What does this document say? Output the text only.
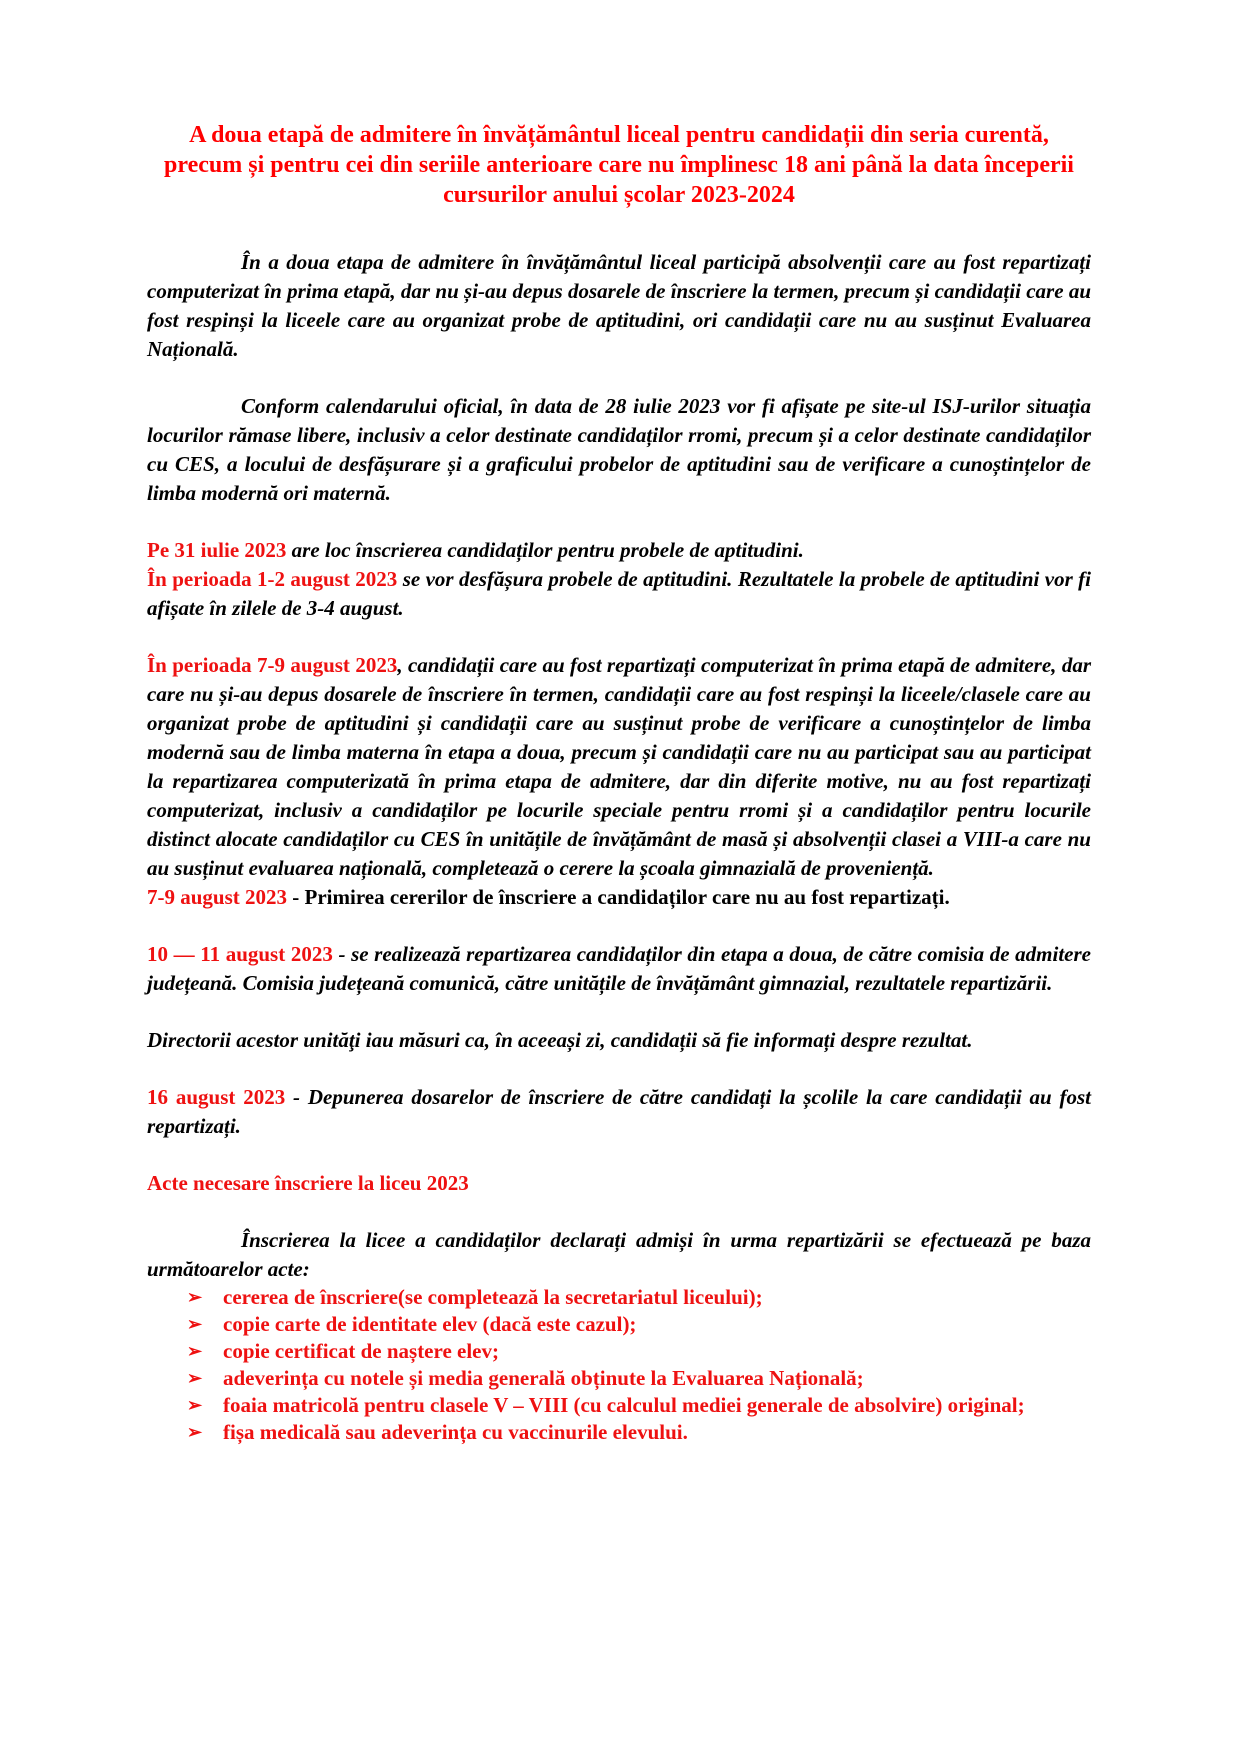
A doua etapă de admitere în învățământul liceal pentru candidații din seria curentă, precum și pentru cei din seriile anterioare care nu împlinesc 18 ani până la data începerii cursurilor anului școlar 2023-2024

În a doua etapa de admitere în învățământul liceal participă absolvenții care au fost repartizați computerizat în prima etapă, dar nu și-au depus dosarele de înscriere la termen, precum și candidații care au fost respinși la liceele care au organizat probe de aptitudini, ori candidații care nu au susținut Evaluarea Națională.

Conform calendarului oficial, în data de 28 iulie 2023 vor fi afișate pe site-ul ISJ-urilor situația locurilor rămase libere, inclusiv a celor destinate candidaților rromi, precum și a celor destinate candidaților cu CES, a locului de desfășurare și a graficului probelor de aptitudini sau de verificare a cunoștințelor de limba modernă ori maternă.

Pe 31 iulie 2023 are loc înscrierea candidaților pentru probele de aptitudini.

În perioada 1-2 august 2023 se vor desfășura probele de aptitudini. Rezultatele la probele de aptitudini vor fi afișate în zilele de 3-4 august.

În perioada 7-9 august 2023, candidații care au fost repartizați computerizat în prima etapă de admitere, dar care nu și-au depus dosarele de înscriere în termen, candidații care au fost respinși la liceele/clasele care au organizat probe de aptitudini și candidații care au susținut probe de verificare a cunoștințelor de limba modernă sau de limba materna în etapa a doua, precum și candidații care nu au participat sau au participat la repartizarea computerizată în prima etapa de admitere, dar din diferite motive, nu au fost repartizați computerizat, inclusiv a candidaților pe locurile speciale pentru rromi și a candidaților pentru locurile distinct alocate candidaților cu CES în unitățile de învățământ de masă și absolvenții clasei a VIII-a care nu au susținut evaluarea națională, completează o cerere la școala gimnazială de proveniență.

7-9 august 2023 - Primirea cererilor de înscriere a candidaților care nu au fost repartizați.

10 — 11 august 2023 - se realizează repartizarea candidaților din etapa a doua, de către comisia de admitere județeană. Comisia județeană comunică, către unitățile de învățământ gimnazial, rezultatele repartizării.

Directorii acestor unităţi iau măsuri ca, în aceeași zi, candidații să fie informați despre rezultat.

16 august 2023 - Depunerea dosarelor de înscriere de către candidați la școlile la care candidații au fost repartizați.

Acte necesare înscriere la liceu 2023

Înscrierea la licee a candidaților declarați admiși în urma repartizării se efectuează pe baza următoarelor acte:

➢ cererea de înscriere(se completează la secretariatul liceului);
➢ copie carte de identitate elev (dacă este cazul);
➢ copie certificat de naștere elev;
➢ adeverința cu notele și media generală obținute la Evaluarea Națională;
➢ foaia matricolă pentru clasele V – VIII (cu calculul mediei generale de absolvire) original;
➢ fișa medicală sau adeverința cu vaccinurile elevului.
